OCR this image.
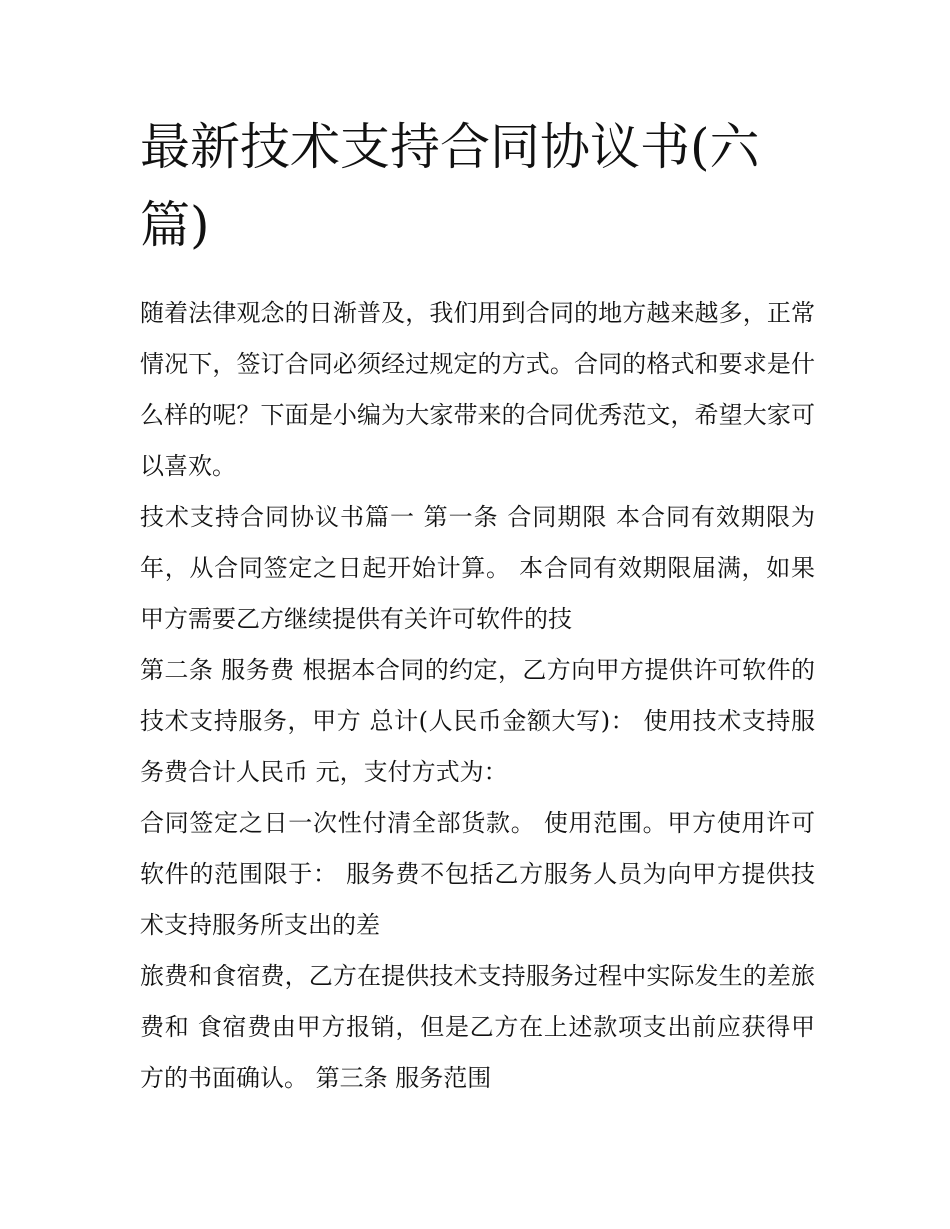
最新技术支持合同协议书(六篇)

随着法律观念的日渐普及，我们用到合同的地方越来越多，正常情况下，签订合同必须经过规定的方式。合同的格式和要求是什么样的呢？下面是小编为大家带来的合同优秀范文，希望大家可以喜欢。

技术支持合同协议书篇一 第一条 合同期限 本合同有效期限为年，从合同签定之日起开始计算。 本合同有效期限届满，如果甲方需要乙方继续提供有关许可软件的技

第二条 服务费 根据本合同的约定，乙方向甲方提供许可软件的技术支持服务，甲方 总计(人民币金额大写)： 使用技术支持服务费合计人民币 元，支付方式为：

合同签定之日一次性付清全部货款。 使用范围。甲方使用许可软件的范围限于： 服务费不包括乙方服务人员为向甲方提供技术支持服务所支出的差

旅费和食宿费，乙方在提供技术支持服务过程中实际发生的差旅费和 食宿费由甲方报销，但是乙方在上述款项支出前应获得甲方的书面确认。 第三条 服务范围
